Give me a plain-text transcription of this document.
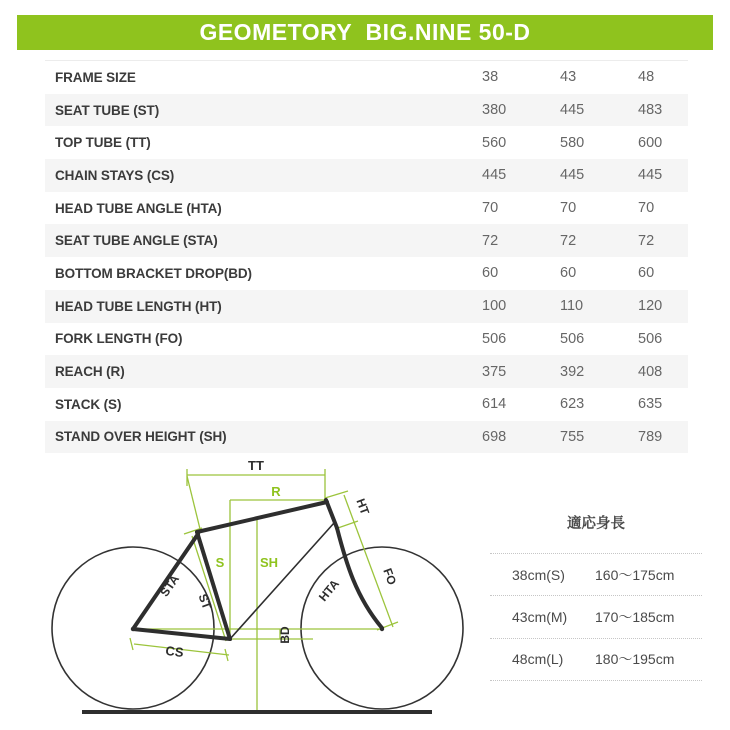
GEOMETORY  BIG.NINE 50-D
FRAME SIZE	38	43	48
SEAT TUBE (ST)	380	445	483
TOP TUBE (TT)	560	580	600
CHAIN STAYS (CS)	445	445	445
HEAD TUBE ANGLE (HTA)	70	70	70
SEAT TUBE ANGLE (STA)	72	72	72
BOTTOM BRACKET DROP(BD)	60	60	60
HEAD TUBE LENGTH (HT)	100	110	120
FORK LENGTH (FO)	506	506	506
REACH (R)	375	392	408
STACK (S)	614	623	635
STAND OVER HEIGHT (SH)	698	755	789
TT
R
S	SH
STA
ST
CS
BD
HT
FO
HTA
適応身長
38cm(S)	160〜175cm
43cm(M)	170〜185cm
48cm(L)	180〜195cm
